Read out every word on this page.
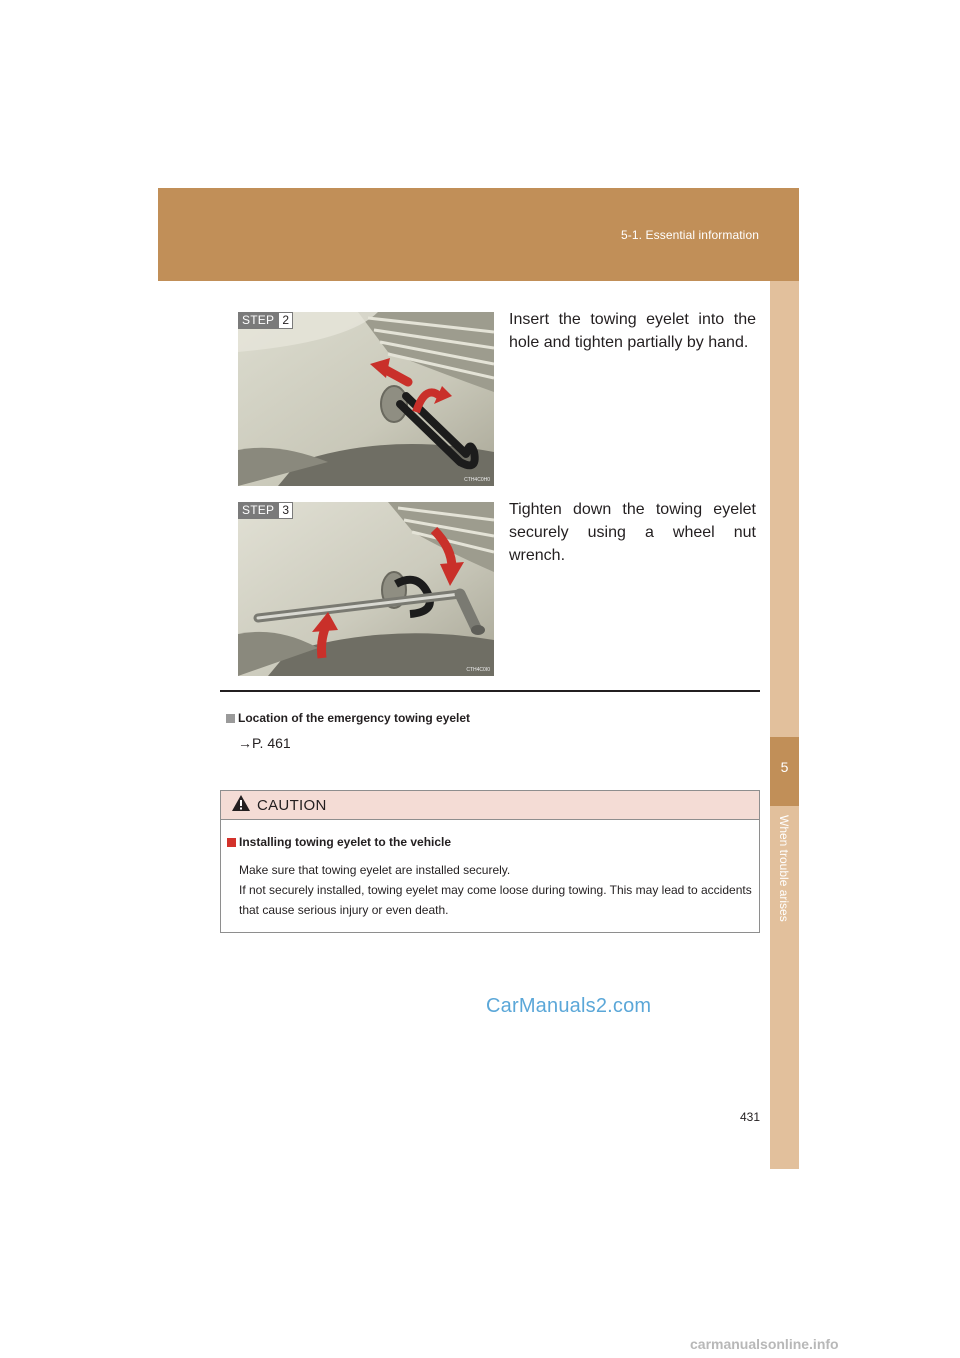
5-1. Essential information
5
When trouble arises
STEP 2
CTH4C0H0
Insert the towing eyelet into the hole and tighten partially by hand.
STEP 3
CTH4C0I0
Tighten down the towing eyelet securely using a wheel nut wrench.
Location of the emergency towing eyelet
→P. 461
CAUTION
Installing towing eyelet to the vehicle
Make sure that towing eyelet are installed securely.
If not securely installed, towing eyelet may come loose during towing. This may lead to accidents that cause serious injury or even death.
431
CarManuals2.com
carmanualsonline.info
